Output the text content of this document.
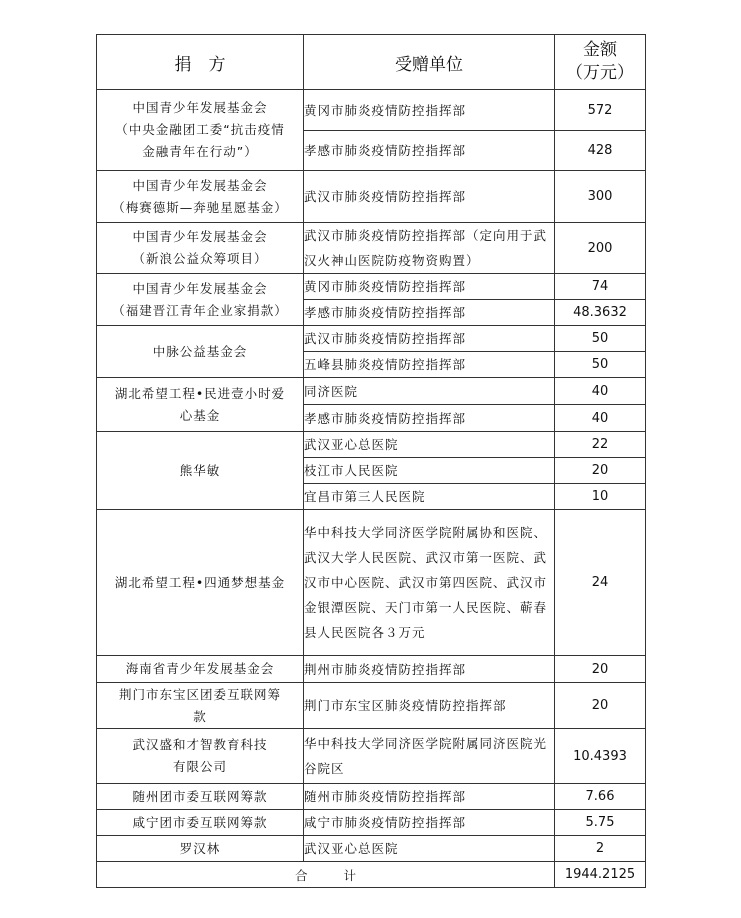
捐　方	受赠单位	金额
（万元）

中国青少年发展基金会
（中央金融团工委“抗击疫情
金融青年在行动”）	黄冈市肺炎疫情防控指挥部	572
	孝感市肺炎疫情防控指挥部	428

中国青少年发展基金会
（梅赛德斯—奔驰星愿基金）	武汉市肺炎疫情防控指挥部	300

中国青少年发展基金会
（新浪公益众筹项目）	武汉市肺炎疫情防控指挥部（定向用于武汉火神山医院防疫物资购置）	200

中国青少年发展基金会
（福建晋江青年企业家捐款）	黄冈市肺炎疫情防控指挥部	74
	孝感市肺炎疫情防控指挥部	48.3632

中脉公益基金会	武汉市肺炎疫情防控指挥部	50
	五峰县肺炎疫情防控指挥部	50

湖北希望工程•民进壹小时爱
心基金	同济医院	40
	孝感市肺炎疫情防控指挥部	40

熊华敏	武汉亚心总医院	22
	枝江市人民医院	20
	宜昌市第三人民医院	10

湖北希望工程•四通梦想基金	华中科技大学同济医学院附属协和医院、武汉大学人民医院、武汉市第一医院、武汉市中心医院、武汉市第四医院、武汉市金银潭医院、天门市第一人民医院、蕲春县人民医院各３万元	24

海南省青少年发展基金会	荆州市肺炎疫情防控指挥部	20

荆门市东宝区团委互联网筹
款	荆门市东宝区肺炎疫情防控指挥部	20

武汉盛和才智教育科技
有限公司	华中科技大学同济医学院附属同济医院光谷院区	10.4393

随州团市委互联网筹款	随州市肺炎疫情防控指挥部	7.66

咸宁团市委互联网筹款	咸宁市肺炎疫情防控指挥部	5.75

罗汉林	武汉亚心总医院	2
合 计		1944.2125
